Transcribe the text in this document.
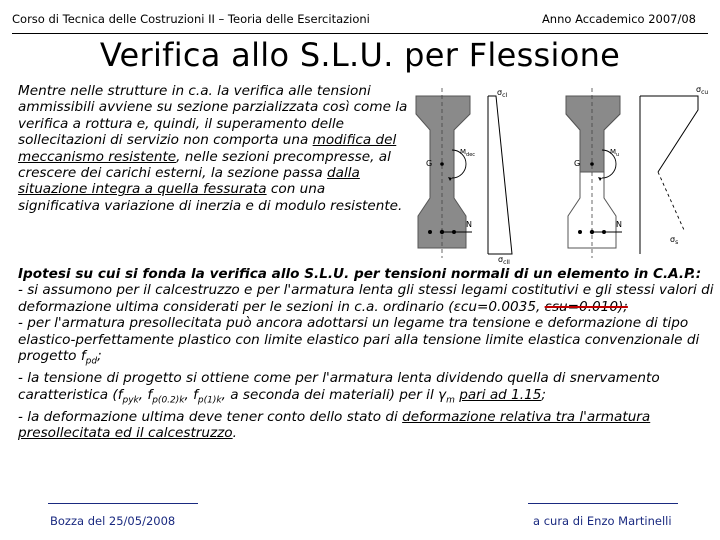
Corso di Tecnica delle Costruzioni II – Teoria delle Esercitazioni	Anno Accademico 2007/08
Verifica allo S.L.U. per Flessione
Mentre nelle strutture in c.a. la verifica alle tensioni ammissibili avviene su sezione parzializzata così come la verifica a rottura e, quindi, il superamento delle sollecitazioni di servizio non comporta una modifica del meccanismo resistente, nelle sezioni precompresse, al crescere dei carichi esterni, la sezione passa dalla situazione integra a quella fessurata con una significativa variazione di inerzia e di modulo resistente.
$\sigma_{cI}$
$\sigma_{cII}$
G
$M_{dec}$
N
$\sigma_{cu}$
$\sigma_s$
G
$M_u$
N

Ipotesi su cui si fonda la verifica allo S.L.U. per tensioni normali di un elemento in C.A.P.:

- si assumono per il calcestruzzo e per l'armatura lenta gli stessi legami costitutivi e gli stessi valori di deformazione ultima considerati per le sezioni in c.a. ordinario (εcu=0.0035, εsu=0.010);

- per l'armatura presollecitata può ancora adottarsi un legame tra tensione e deformazione di tipo elastico-perfettamente plastico con limite elastico pari alla tensione limite elastica convenzionale di progetto $f_{pd}$;

- la tensione di progetto si ottiene come per l'armatura lenta dividendo quella di snervamento caratteristica ($f_{pyk}$, $f_{p(0.2)k}$, $f_{p(1)k}$, a seconda dei materiali) per il $\gamma_m$ pari ad 1.15;

- la deformazione ultima deve tener conto dello stato di deformazione relativa tra l'armatura presollecitata ed il calcestruzzo.

Bozza del 25/05/2008	a cura di Enzo Martinelli
